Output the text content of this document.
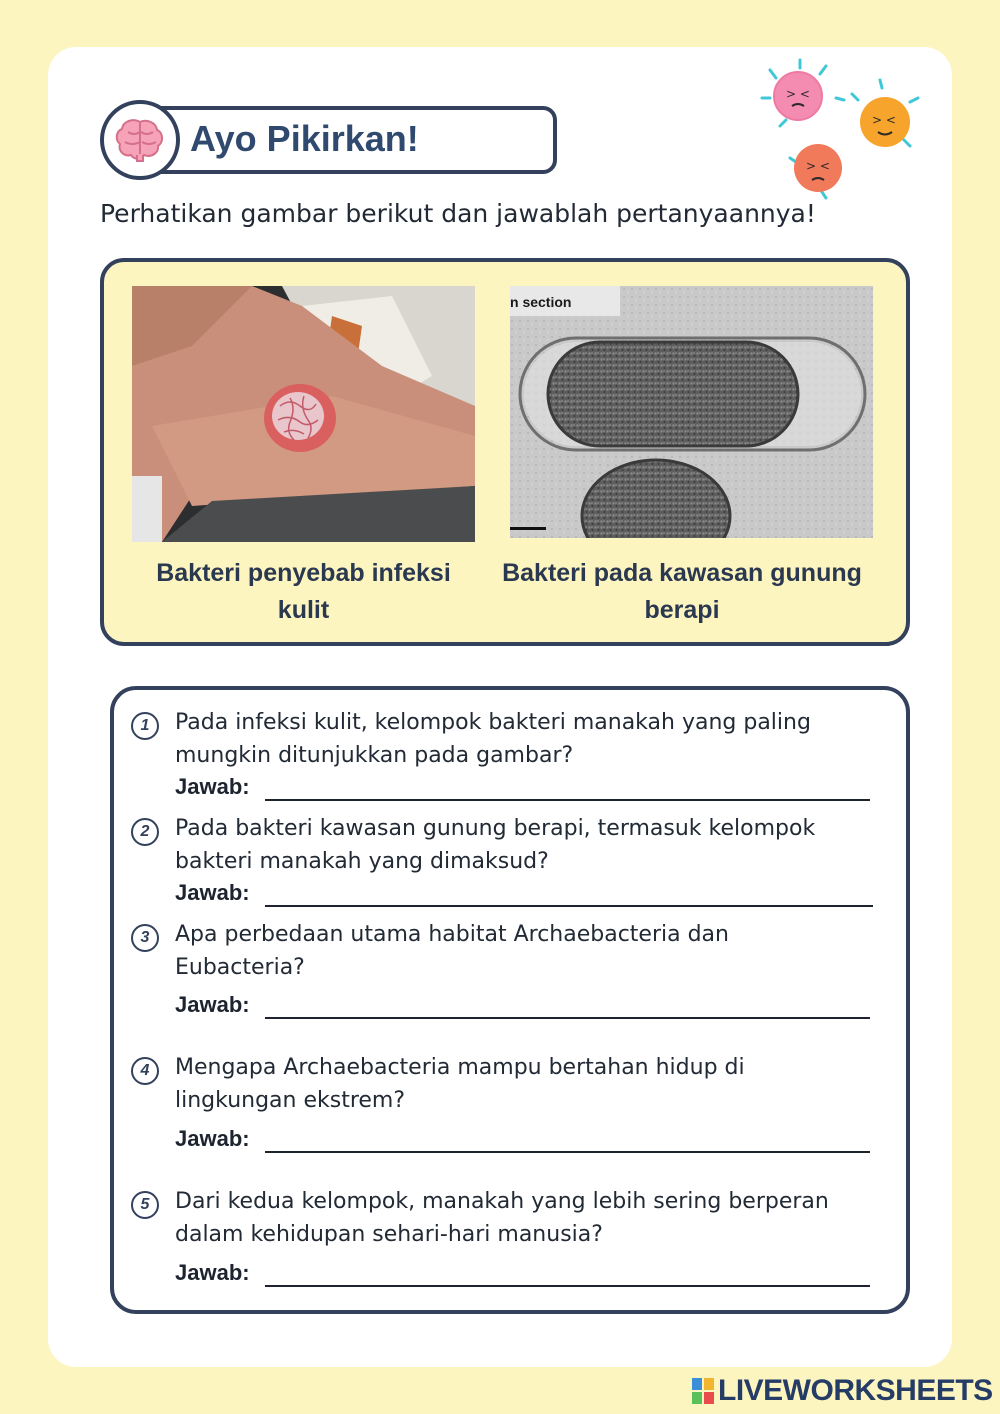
> <
> <
> <
Ayo Pikirkan!
Perhatikan gambar berikut dan jawablah pertanyaannya!
n section
Bakteri penyebab infeksi kulit
Bakteri pada kawasan gunung berapi
1	Pada infeksi kulit, kelompok bakteri manakah yang paling mungkin ditunjukkan pada gambar?
Jawab:
2	Pada bakteri kawasan gunung berapi, termasuk kelompok bakteri manakah yang dimaksud?
Jawab:
3	Apa perbedaan utama habitat Archaebacteria dan Eubacteria?
Jawab:
4	Mengapa Archaebacteria mampu bertahan hidup di lingkungan ekstrem?
Jawab:
5	Dari kedua kelompok, manakah yang lebih sering berperan dalam kehidupan sehari-hari manusia?
Jawab:
LIVEWORKSHEETS
